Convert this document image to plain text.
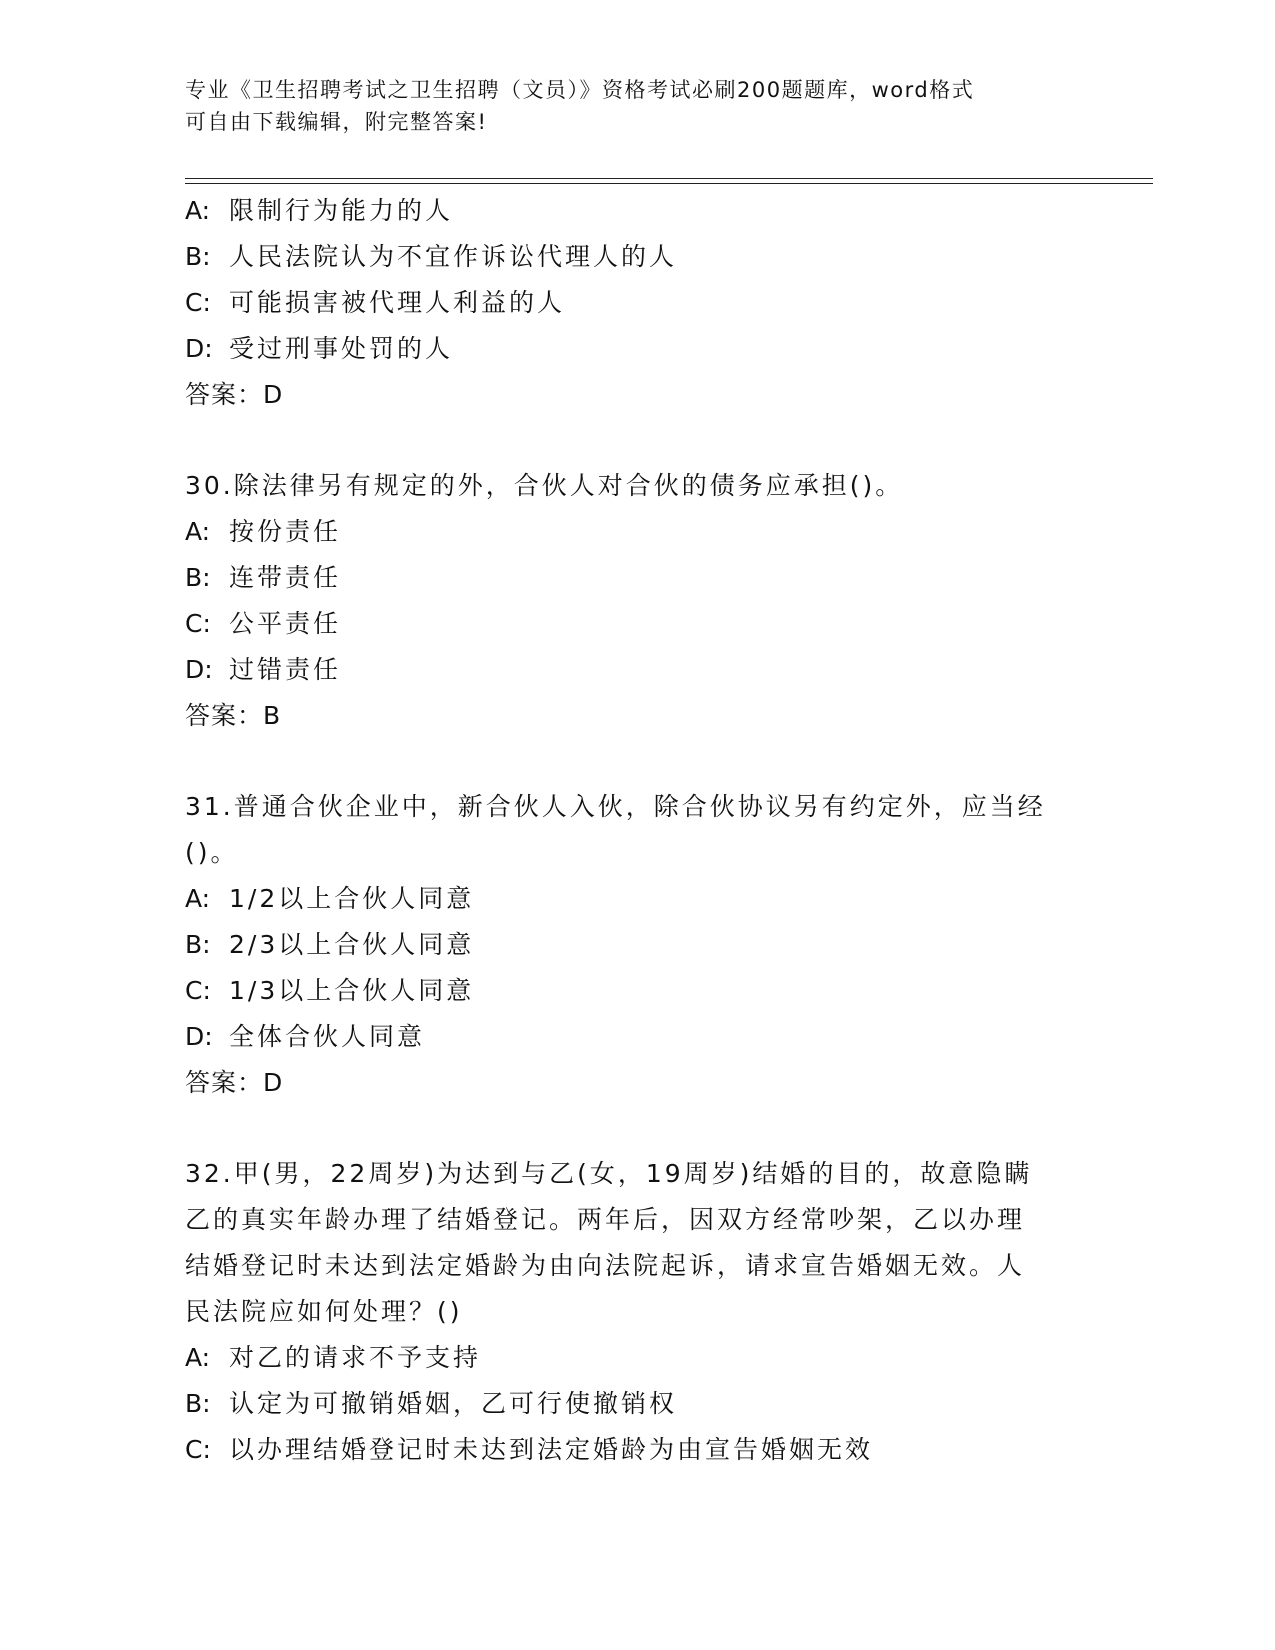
专业《卫生招聘考试之卫生招聘（文员）》资格考试必刷200题题库，word格式
可自由下载编辑，附完整答案!
A: 限制行为能力的人
B: 人民法院认为不宜作诉讼代理人的人
C: 可能损害被代理人利益的人
D: 受过刑事处罚的人
答案：D
30.除法律另有规定的外，合伙人对合伙的债务应承担()。
A: 按份责任
B: 连带责任
C: 公平责任
D: 过错责任
答案：B
31.普通合伙企业中，新合伙人入伙，除合伙协议另有约定外，应当经
()。
A: 1/2以上合伙人同意
B: 2/3以上合伙人同意
C: 1/3以上合伙人同意
D: 全体合伙人同意
答案：D
32.甲(男，22周岁)为达到与乙(女，19周岁)结婚的目的，故意隐瞒
乙的真实年龄办理了结婚登记。两年后，因双方经常吵架，乙以办理
结婚登记时未达到法定婚龄为由向法院起诉，请求宣告婚姻无效。人
民法院应如何处理？()
A: 对乙的请求不予支持
B: 认定为可撤销婚姻，乙可行使撤销权
C: 以办理结婚登记时未达到法定婚龄为由宣告婚姻无效
